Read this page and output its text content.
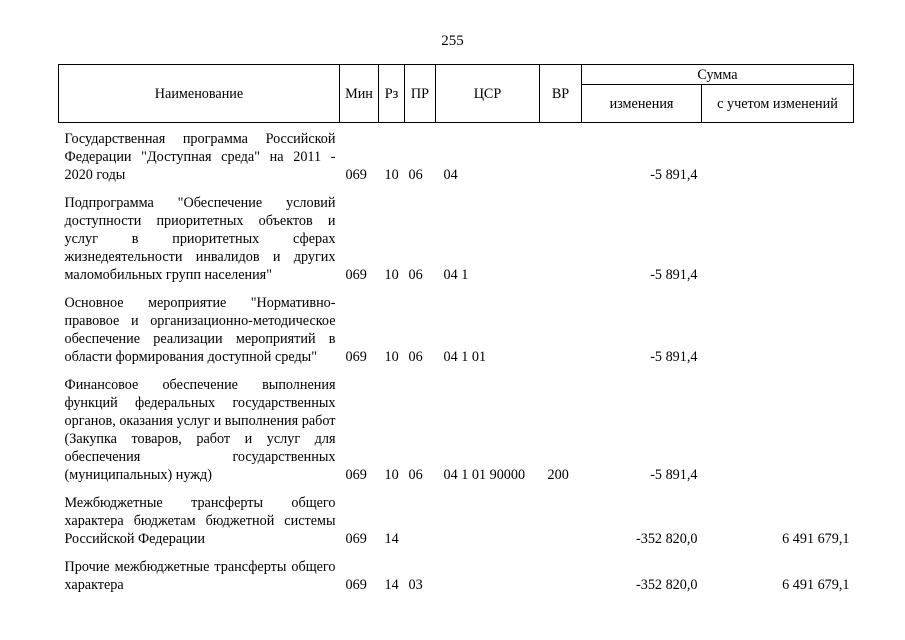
255
Наименование	Мин	Рз	ПР	ЦСР	ВР	Сумма	
						изменения	с учетом изменений

Государственная программа Российской Федерации "Доступная среда" на 2011 - 2020 годы	069	10	06	04		-5 891,4	

Подпрограмма "Обеспечение условий доступности приоритетных объектов и услуг в приоритетных сферах жизнедеятельности инвалидов и других маломобильных групп населения"	069	10	06	04 1		-5 891,4	

Основное мероприятие "Нормативно-правовое и организационно-методическое обеспечение реализации мероприятий в области формирования доступной среды"	069	10	06	04 1 01		-5 891,4	

Финансовое обеспечение выполнения функций федеральных государственных органов, оказания услуг и выполнения работ (Закупка товаров, работ и услуг для обеспечения государственных (муниципальных) нужд)	069	10	06	04 1 01 90000	200	-5 891,4	

Межбюджетные трансферты общего характера бюджетам бюджетной системы Российской Федерации	069	14				-352 820,0	6 491 679,1

Прочие межбюджетные трансферты общего характера	069	14	03			-352 820,0	6 491 679,1
